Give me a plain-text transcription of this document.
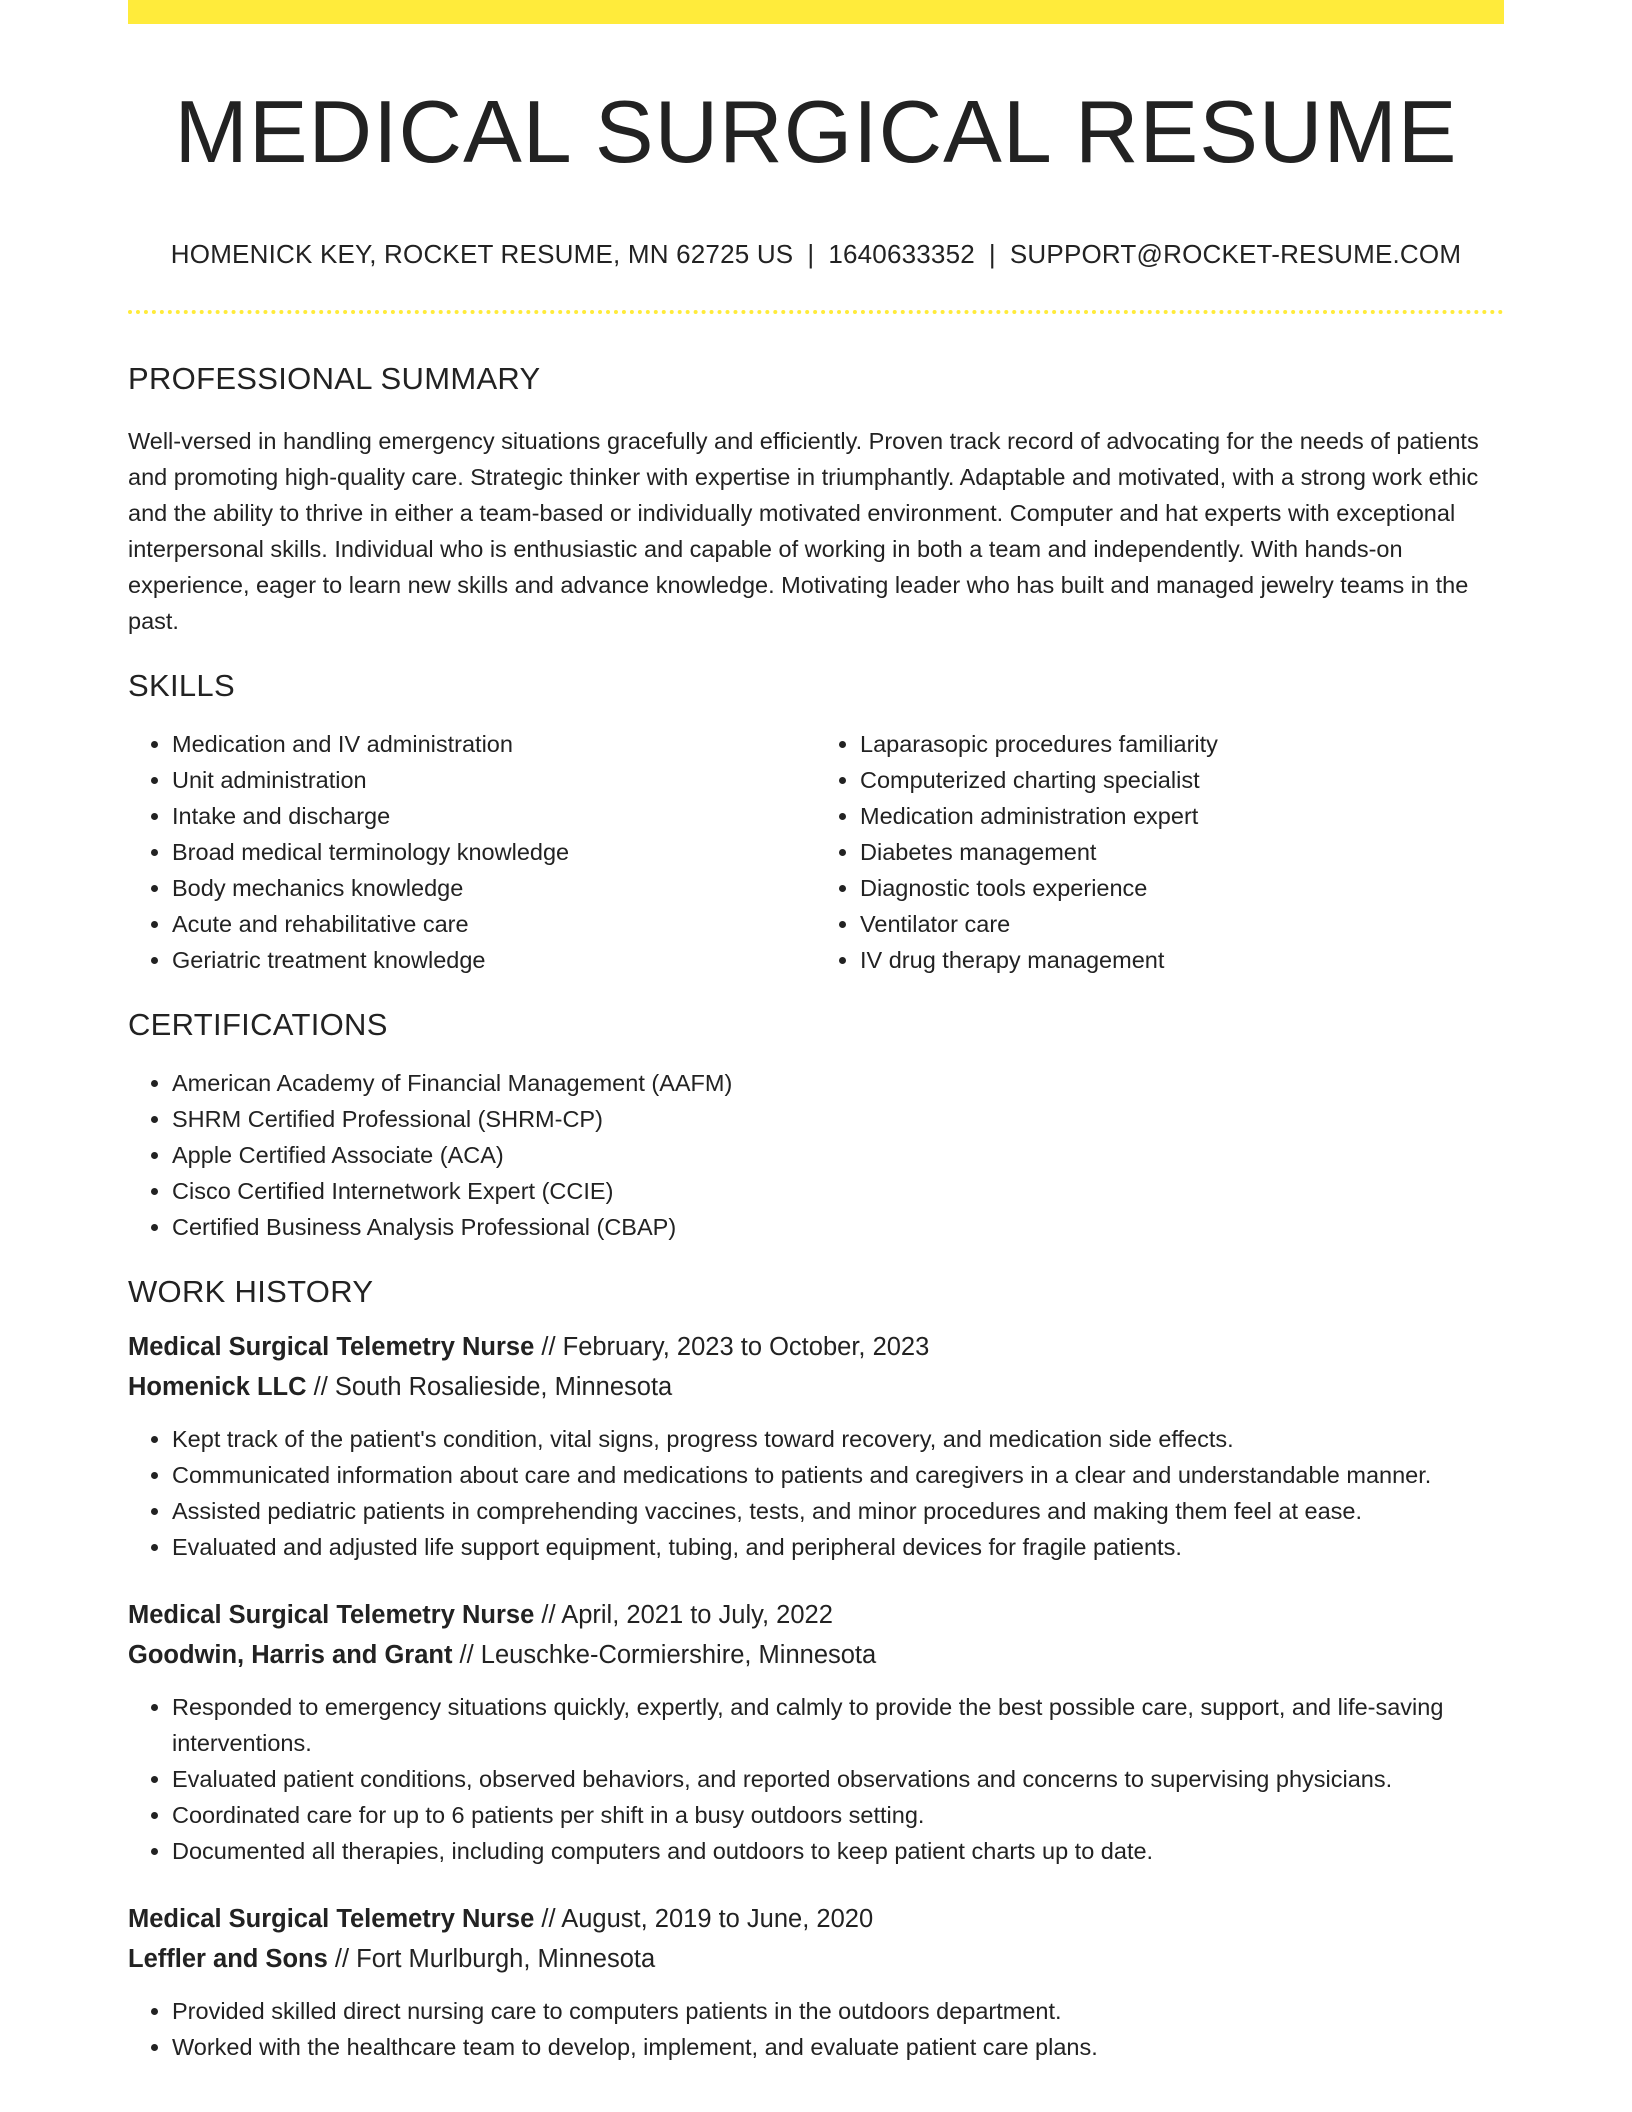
MEDICAL SURGICAL RESUME
HOMENICK KEY, ROCKET RESUME, MN 62725 US | 1640633352 | SUPPORT@ROCKET-RESUME.COM
PROFESSIONAL SUMMARY

Well-versed in handling emergency situations gracefully and efficiently. Proven track record of advocating for the needs of patients and promoting high-quality care. Strategic thinker with expertise in triumphantly. Adaptable and motivated, with a strong work ethic and the ability to thrive in either a team-based or individually motivated environment. Computer and hat experts with exceptional interpersonal skills. Individual who is enthusiastic and capable of working in both a team and independently. With hands-on experience, eager to learn new skills and advance knowledge. Motivating leader who has built and managed jewelry teams in the past.

SKILLS
• Medication and IV administration
• Unit administration
• Intake and discharge
• Broad medical terminology knowledge
• Body mechanics knowledge
• Acute and rehabilitative care
• Geriatric treatment knowledge
• Laparasopic procedures familiarity
• Computerized charting specialist
• Medication administration expert
• Diabetes management
• Diagnostic tools experience
• Ventilator care
• IV drug therapy management
CERTIFICATIONS
• American Academy of Financial Management (AAFM)
• SHRM Certified Professional (SHRM-CP)
• Apple Certified Associate (ACA)
• Cisco Certified Internetwork Expert (CCIE)
• Certified Business Analysis Professional (CBAP)
WORK HISTORY
Medical Surgical Telemetry Nurse // February, 2023 to October, 2023
Homenick LLC // South Rosalieside, Minnesota
• Kept track of the patient's condition, vital signs, progress toward recovery, and medication side effects.
• Communicated information about care and medications to patients and caregivers in a clear and understandable manner.
• Assisted pediatric patients in comprehending vaccines, tests, and minor procedures and making them feel at ease.
• Evaluated and adjusted life support equipment, tubing, and peripheral devices for fragile patients.
Medical Surgical Telemetry Nurse // April, 2021 to July, 2022
Goodwin, Harris and Grant // Leuschke-Cormiershire, Minnesota
• Responded to emergency situations quickly, expertly, and calmly to provide the best possible care, support, and life-saving interventions.
• Evaluated patient conditions, observed behaviors, and reported observations and concerns to supervising physicians.
• Coordinated care for up to 6 patients per shift in a busy outdoors setting.
• Documented all therapies, including computers and outdoors to keep patient charts up to date.
Medical Surgical Telemetry Nurse // August, 2019 to June, 2020
Leffler and Sons // Fort Murlburgh, Minnesota
• Provided skilled direct nursing care to computers patients in the outdoors department.
• Worked with the healthcare team to develop, implement, and evaluate patient care plans.
